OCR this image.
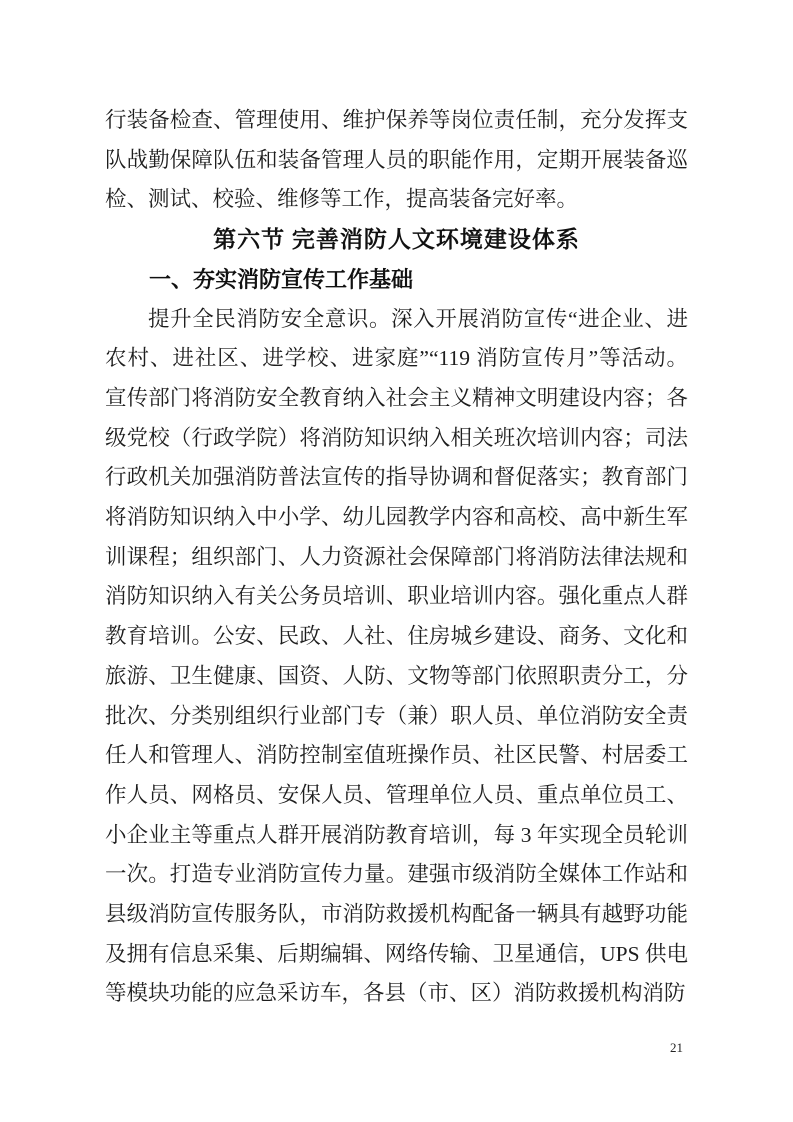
行装备检查、管理使用、维护保养等岗位责任制，充分发挥支
队战勤保障队伍和装备管理人员的职能作用，定期开展装备巡
检、测试、校验、维修等工作，提高装备完好率。
第六节 完善消防人文环境建设体系
一、夯实消防宣传工作基础
提升全民消防安全意识。深入开展消防宣传“进企业、进
农村、进社区、进学校、进家庭”“119 消防宣传月”等活动。
宣传部门将消防安全教育纳入社会主义精神文明建设内容；各
级党校（行政学院）将消防知识纳入相关班次培训内容；司法
行政机关加强消防普法宣传的指导协调和督促落实；教育部门
将消防知识纳入中小学、幼儿园教学内容和高校、高中新生军
训课程；组织部门、人力资源社会保障部门将消防法律法规和
消防知识纳入有关公务员培训、职业培训内容。强化重点人群
教育培训。公安、民政、人社、住房城乡建设、商务、文化和
旅游、卫生健康、国资、人防、文物等部门依照职责分工，分
批次、分类别组织行业部门专（兼）职人员、单位消防安全责
任人和管理人、消防控制室值班操作员、社区民警、村居委工
作人员、网格员、安保人员、管理单位人员、重点单位员工、
小企业主等重点人群开展消防教育培训，每 3 年实现全员轮训
一次。打造专业消防宣传力量。建强市级消防全媒体工作站和
县级消防宣传服务队，市消防救援机构配备一辆具有越野功能
及拥有信息采集、后期编辑、网络传输、卫星通信，UPS 供电
等模块功能的应急采访车，各县（市、区）消防救援机构消防
21
